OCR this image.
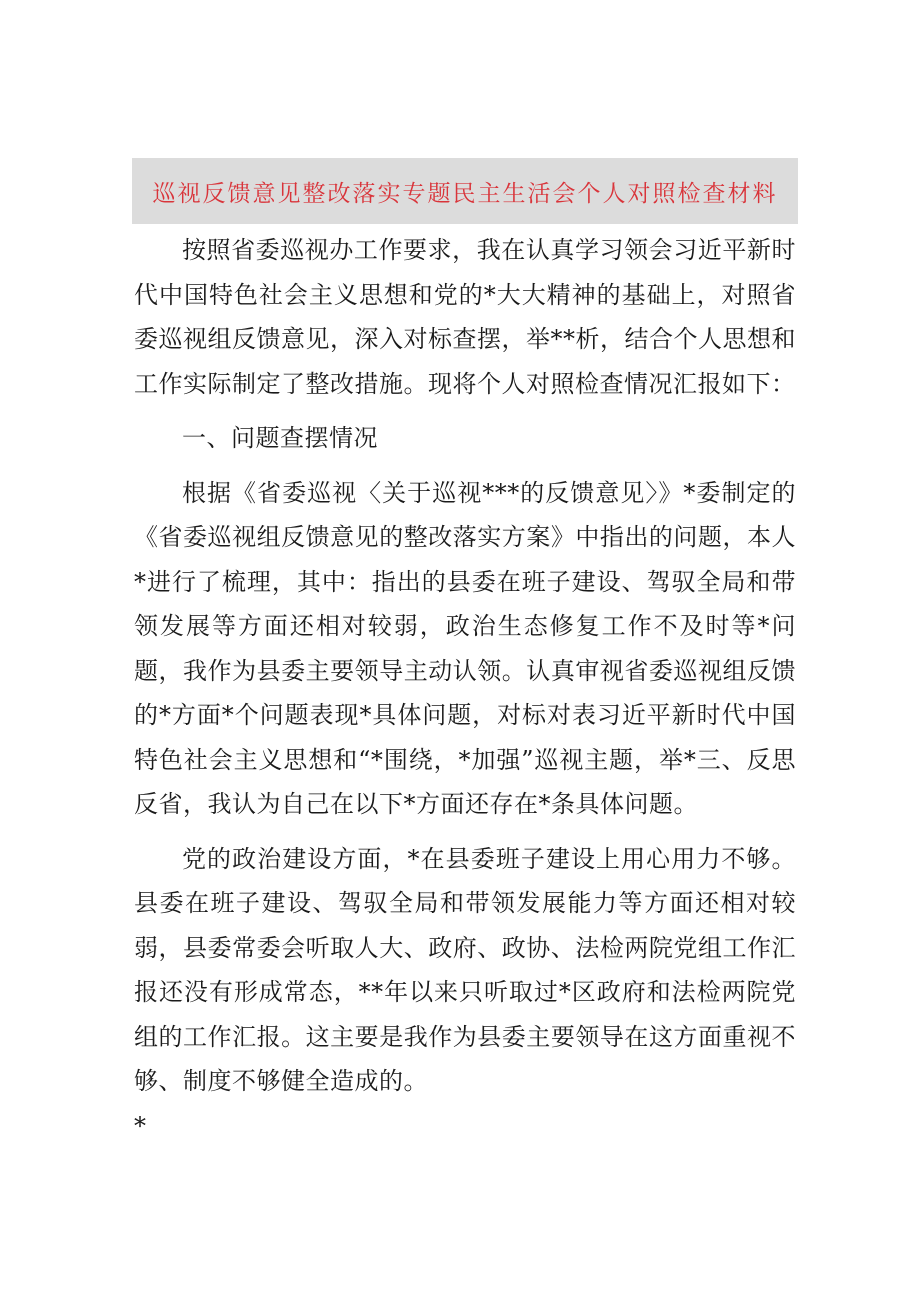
巡视反馈意见整改落实专题民主生活会个人对照检查材料

按照省委巡视办工作要求，我在认真学习领会习近平新时代中国特色社会主义思想和党的*大大精神的基础上，对照省委巡视组反馈意见，深入对标查摆，举**析，结合个人思想和工作实际制定了整改措施。现将个人对照检查情况汇报如下：

一、问题查摆情况

根据《省委巡视〈关于巡视***的反馈意见〉》*委制定的《省委巡视组反馈意见的整改落实方案》中指出的问题，本人*进行了梳理，其中：指出的县委在班子建设、驾驭全局和带领发展等方面还相对较弱，政治生态修复工作不及时等*问题，我作为县委主要领导主动认领。认真审视省委巡视组反馈的*方面*个问题表现*具体问题，对标对表习近平新时代中国特色社会主义思想和“*围绕，*加强”巡视主题，举*三、反思反省，我认为自己在以下*方面还存在*条具体问题。

党的政治建设方面，*在县委班子建设上用心用力不够。县委在班子建设、驾驭全局和带领发展能力等方面还相对较弱，县委常委会听取人大、政府、政协、法检两院党组工作汇报还没有形成常态，**年以来只听取过*区政府和法检两院党组的工作汇报。这主要是我作为县委主要领导在这方面重视不够、制度不够健全造成的。

*
